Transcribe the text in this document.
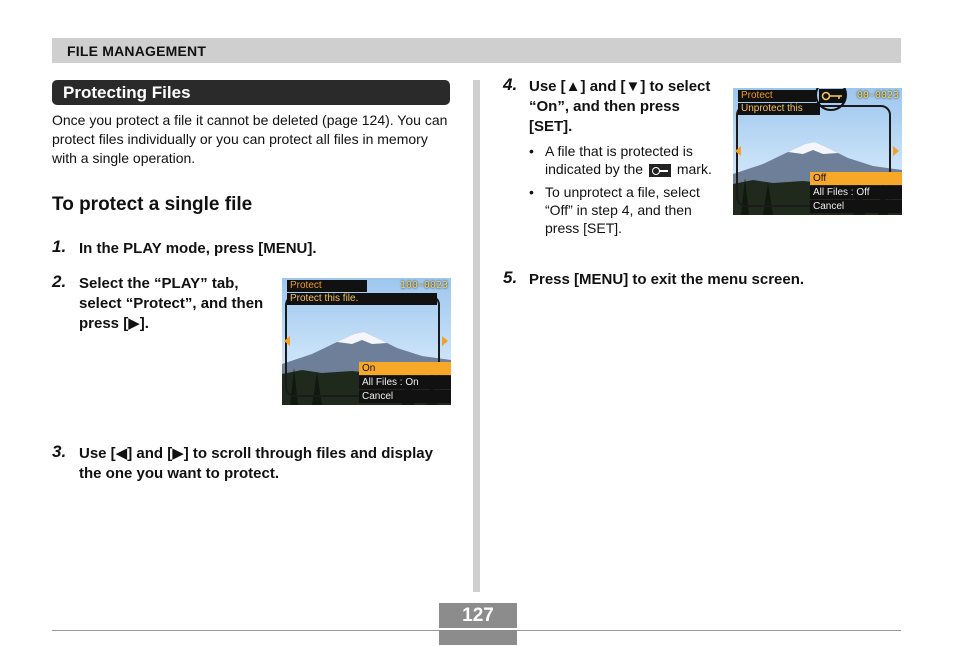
FILE MANAGEMENT
Protecting Files

Once you protect a file it cannot be deleted (page 124). You can protect files individually or you can protect all files in memory with a single operation.

To protect a single file
1. In the PLAY mode, press [MENU].
2. Select the “PLAY” tab, select “Protect”, and then press [▶].
Protect
Protect this file.
100-0023
On
All Files : On
Cancel
3. Use [◀] and [▶] to scroll through files and display the one you want to protect.
4. Use [▲] and [▼] to select “On”, and then press [SET].
• A file that is protected is indicated by the mark.
• To unprotect a file, select “Off” in step 4, and then press [SET].
Protect
Unprotect this
00-0023
Off
All Files : Off
Cancel
5. Press [MENU] to exit the menu screen.
127
